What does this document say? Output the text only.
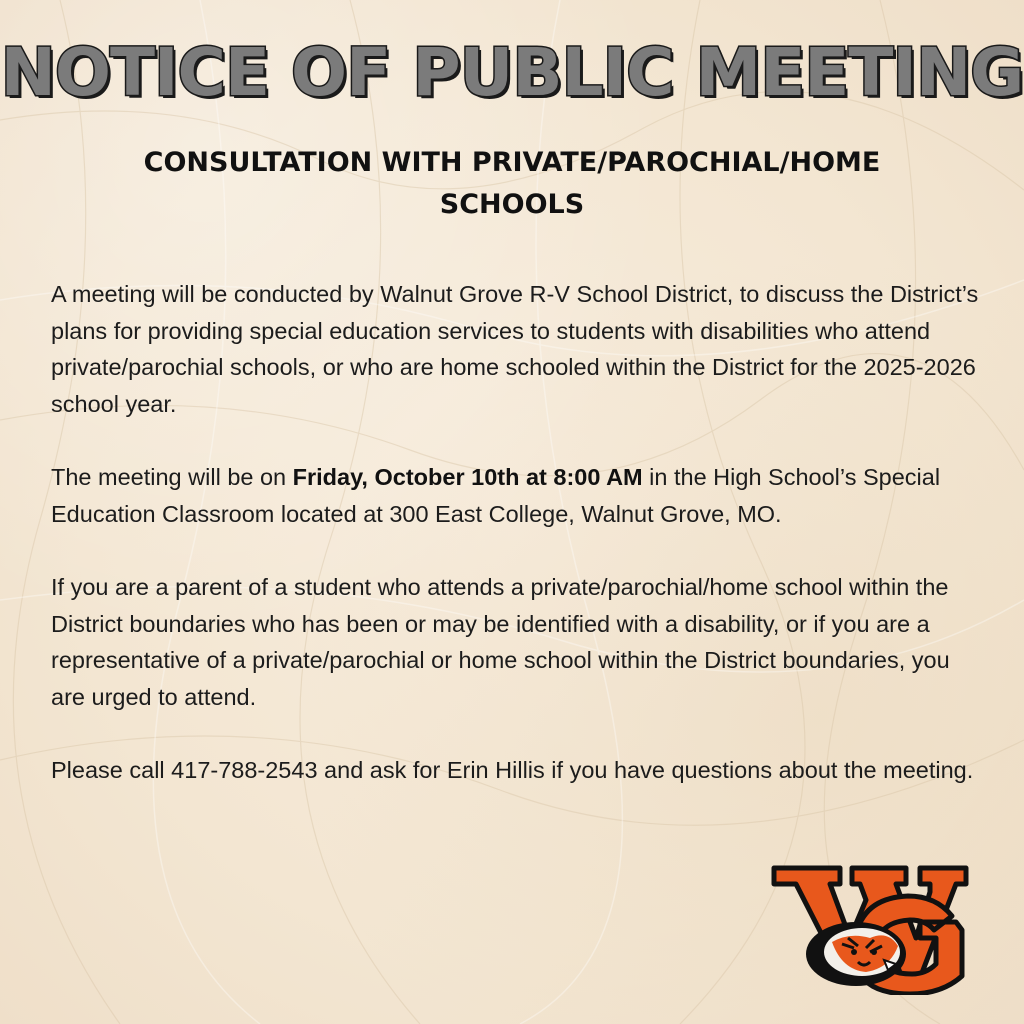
NOTICE OF PUBLIC MEETING
CONSULTATION WITH PRIVATE/PAROCHIAL/HOME SCHOOLS

A meeting will be conducted by Walnut Grove R-V School District, to discuss the District’s plans for providing special education services to students with disabilities who attend private/parochial schools, or who are home schooled within the District for the 2025-2026 school year.

The meeting will be on Friday, October 10th at 8:00 AM in the High School’s Special Education Classroom located at 300 East College, Walnut Grove, MO.

If you are a parent of a student who attends a private/parochial/home school within the District boundaries who has been or may be identified with a disability, or if you are a representative of a private/parochial or home school within the District boundaries, you are urged to attend.

Please call 417-788-2543 and ask for Erin Hillis if you have questions about the meeting.
